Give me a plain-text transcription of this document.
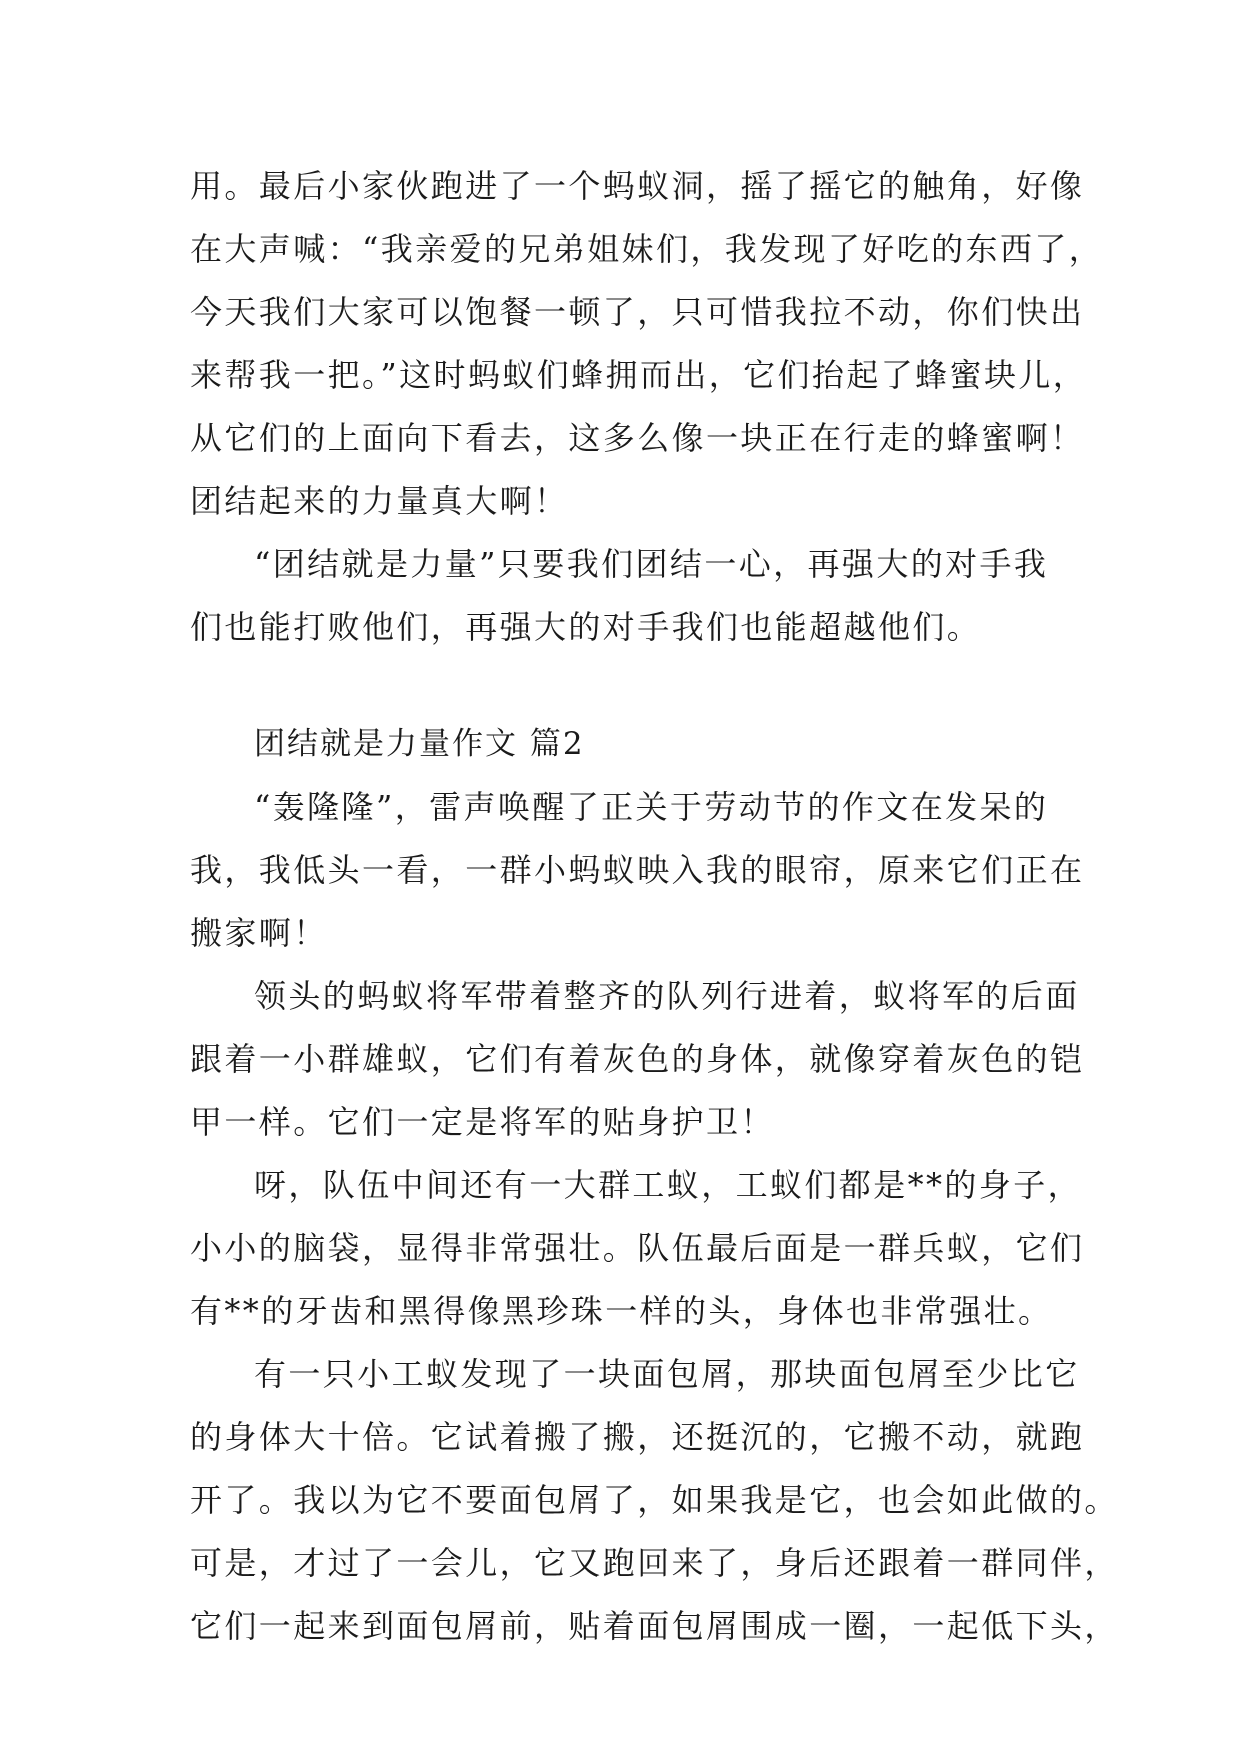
用。最后小家伙跑进了一个蚂蚁洞，摇了摇它的触角，好像
在大声喊：“我亲爱的兄弟姐妹们，我发现了好吃的东西了，
今天我们大家可以饱餐一顿了，只可惜我拉不动，你们快出
来帮我一把。”这时蚂蚁们蜂拥而出，它们抬起了蜂蜜块儿，
从它们的上面向下看去，这多么像一块正在行走的蜂蜜啊！
团结起来的力量真大啊！
“团结就是力量”只要我们团结一心，再强大的对手我
们也能打败他们，再强大的对手我们也能超越他们。
团结就是力量作文 篇2
“轰隆隆”，雷声唤醒了正关于劳动节的作文在发呆的
我，我低头一看，一群小蚂蚁映入我的眼帘，原来它们正在
搬家啊！
领头的蚂蚁将军带着整齐的队列行进着，蚁将军的后面
跟着一小群雄蚁，它们有着灰色的身体，就像穿着灰色的铠
甲一样。它们一定是将军的贴身护卫！
呀，队伍中间还有一大群工蚁，工蚁们都是**的身子，
小小的脑袋，显得非常强壮。队伍最后面是一群兵蚁，它们
有**的牙齿和黑得像黑珍珠一样的头，身体也非常强壮。
有一只小工蚁发现了一块面包屑，那块面包屑至少比它
的身体大十倍。它试着搬了搬，还挺沉的，它搬不动，就跑
开了。我以为它不要面包屑了，如果我是它，也会如此做的。
可是，才过了一会儿，它又跑回来了，身后还跟着一群同伴，
它们一起来到面包屑前，贴着面包屑围成一圈，一起低下头，
